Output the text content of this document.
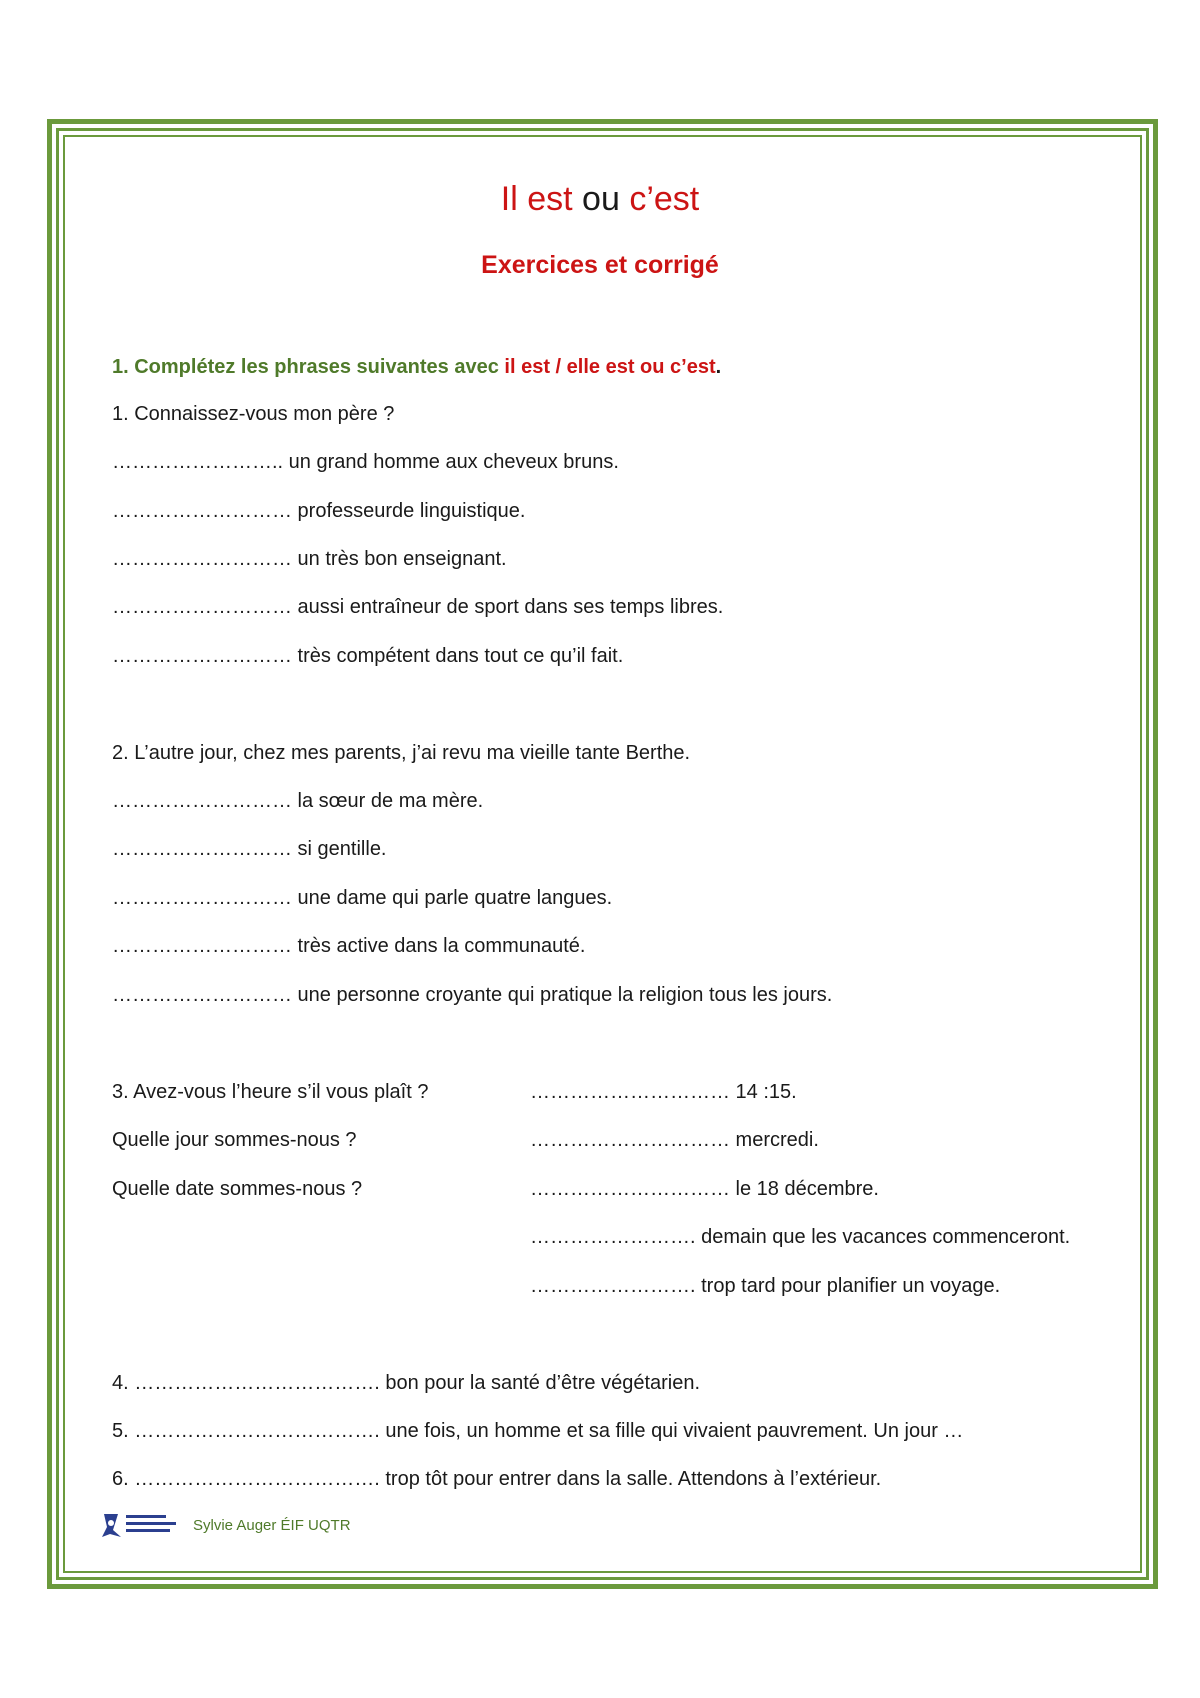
Il est ou c’est
Exercices et corrigé
1. Complétez les phrases suivantes avec il est / elle est ou c’est.
1. Connaissez-vous mon père ?
…………………….. un grand homme aux cheveux bruns.
……………………… professeurde linguistique.
……………………… un très bon enseignant.
……………………… aussi entraîneur de sport dans ses temps libres.
……………………… très compétent dans tout ce qu’il fait.
2. L’autre jour, chez mes parents, j’ai revu ma vieille tante Berthe.
……………………… la sœur de ma mère.
……………………… si gentille.
……………………… une dame qui parle quatre langues.
……………………… très active dans la communauté.
……………………… une personne croyante qui pratique la religion tous les jours.
3. Avez-vous l’heure s’il vous plaît ?
Quelle jour sommes-nous ?
Quelle date sommes-nous ?
………………………… 14 :15.
………………………… mercredi.
………………………… le 18 décembre.
……………………. demain que les vacances commenceront.
……………………. trop tard pour planifier un voyage.
4. ………………………………. bon pour la santé d’être végétarien.
5. ………………………………. une fois, un homme et sa fille qui vivaient pauvrement. Un jour …
6. ………………………………. trop tôt pour entrer dans la salle. Attendons à l’extérieur.
Sylvie Auger ÉIF UQTR
